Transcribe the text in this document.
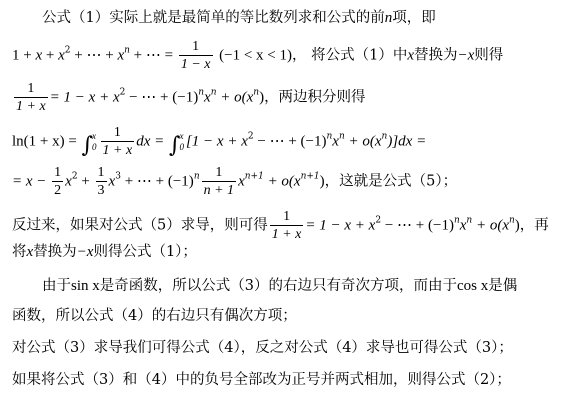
公式（1）实际上就是最简单的等比数列求和公式的前n项，即
$1 + x + x^2$ + ⋯ + $x^n$ + ⋯ = $\frac{1}{1 - x} (-1 < x < 1)$， 将公式（1）中x替换为−x则得
$\frac{1}{1 + x} = 1 - x + x^2$ − ⋯ + $(-1)^nx^n + o(x^n)$，两边积分则得
ln(1 + x) = ∫ x
$0 \frac{1}{1 + x}$ dx = ∫ x
0 [$1 - x + x^2$ − ⋯ + $(-1)^nx^n + o(x^n)]dx$ =
= $x - \frac{1}{2} x^2 + \frac{1}{3} x^3$ + ⋯ + $(-1)^n \frac{1}{n + 1} x^{n+1} + o(x^{n+1})$，这就是公式（5）；
反过来，如果对公式（5）求导，则可得 $\frac{1}{1 + x} = 1 - x + x^2$ − ⋯ + $(-1)^nx^n + o(x^n)$，再
将x替换为−x则得公式（1）；
由于sin x是奇函数，所以公式（3）的右边只有奇次方项，而由于cos x是偶
函数，所以公式（4）的右边只有偶次方项；
对公式（3）求导我们可得公式（4），反之对公式（4）求导也可得公式（3）；
如果将公式（3）和（4）中的负号全部改为正号并两式相加，则得公式（2）；
